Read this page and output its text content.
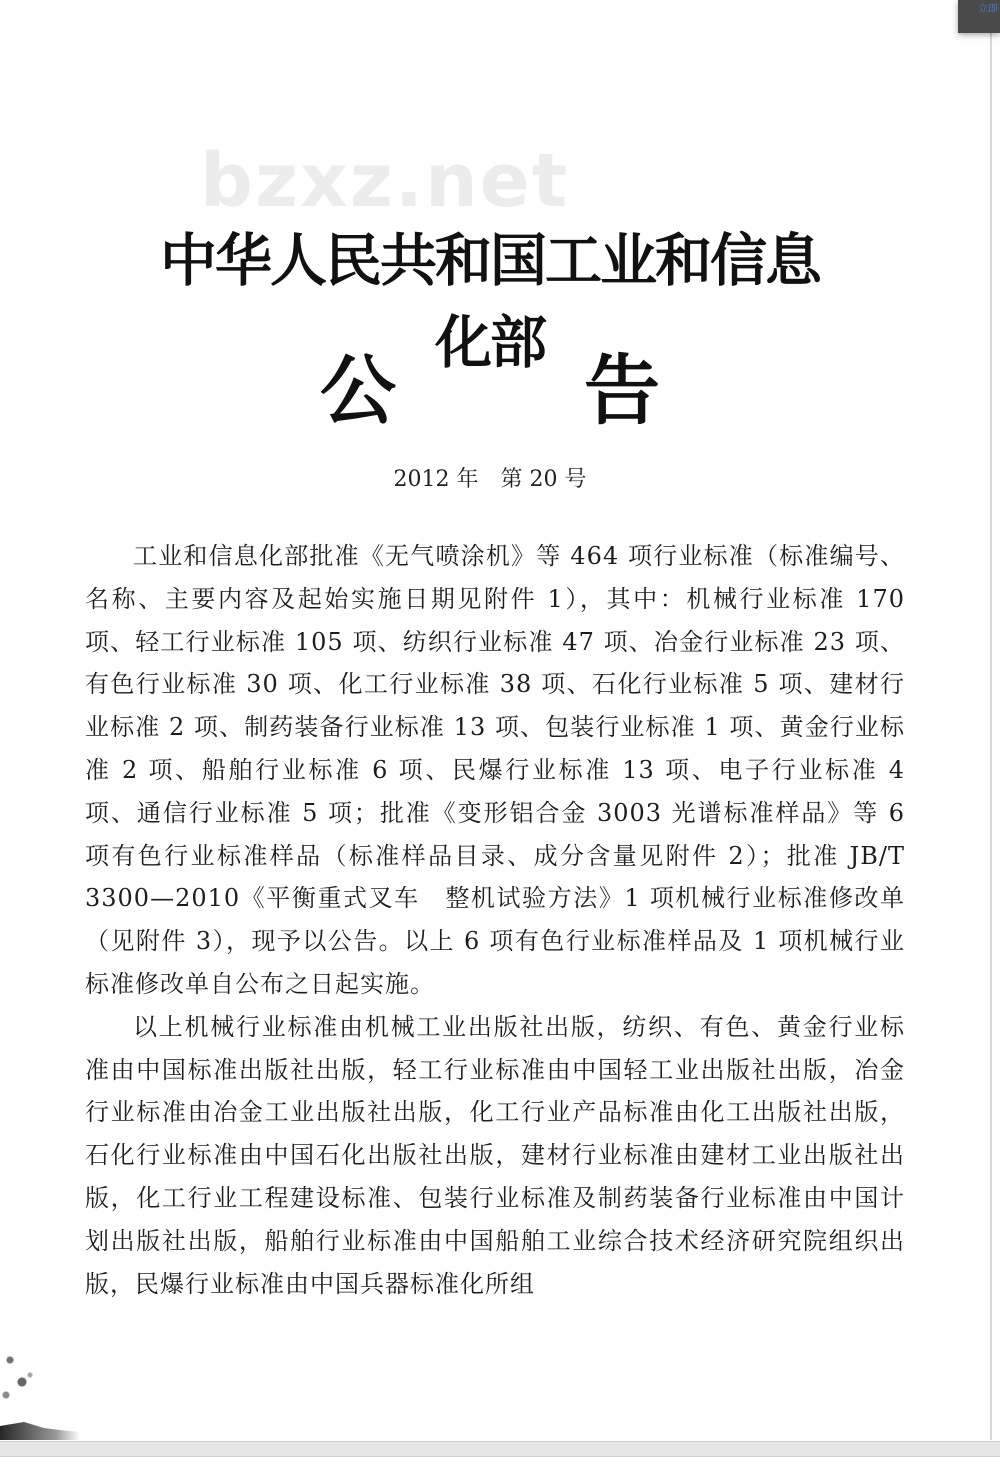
bzxz.net
中华人民共和国工业和信息化部
公 告
2012 年　第 20 号

工业和信息化部批准《无气喷涂机》等 464 项行业标准（标准编号、名称、主要内容及起始实施日期见附件 1），其中：机械行业标准 170 项、轻工行业标准 105 项、纺织行业标准 47 项、冶金行业标准 23 项、有色行业标准 30 项、化工行业标准 38 项、石化行业标准 5 项、建材行业标准 2 项、制药装备行业标准 13 项、包装行业标准 1 项、黄金行业标准 2 项、船舶行业标准 6 项、民爆行业标准 13 项、电子行业标准 4 项、通信行业标准 5 项；批准《变形铝合金 3003 光谱标准样品》等 6 项有色行业标准样品（标准样品目录、成分含量见附件 2）；批准 JB/T 3300—2010《平衡重式叉车　整机试验方法》1 项机械行业标准修改单（见附件 3），现予以公告。以上 6 项有色行业标准样品及 1 项机械行业标准修改单自公布之日起实施。

以上机械行业标准由机械工业出版社出版，纺织、有色、黄金行业标准由中国标准出版社出版，轻工行业标准由中国轻工业出版社出版，冶金行业标准由冶金工业出版社出版，化工行业产品标准由化工出版社出版，石化行业标准由中国石化出版社出版，建材行业标准由建材工业出版社出版，化工行业工程建设标准、包装行业标准及制药装备行业标准由中国计划出版社出版，船舶行业标准由中国船舶工业综合技术经济研究院组织出版，民爆行业标准由中国兵器标准化所组

立即
